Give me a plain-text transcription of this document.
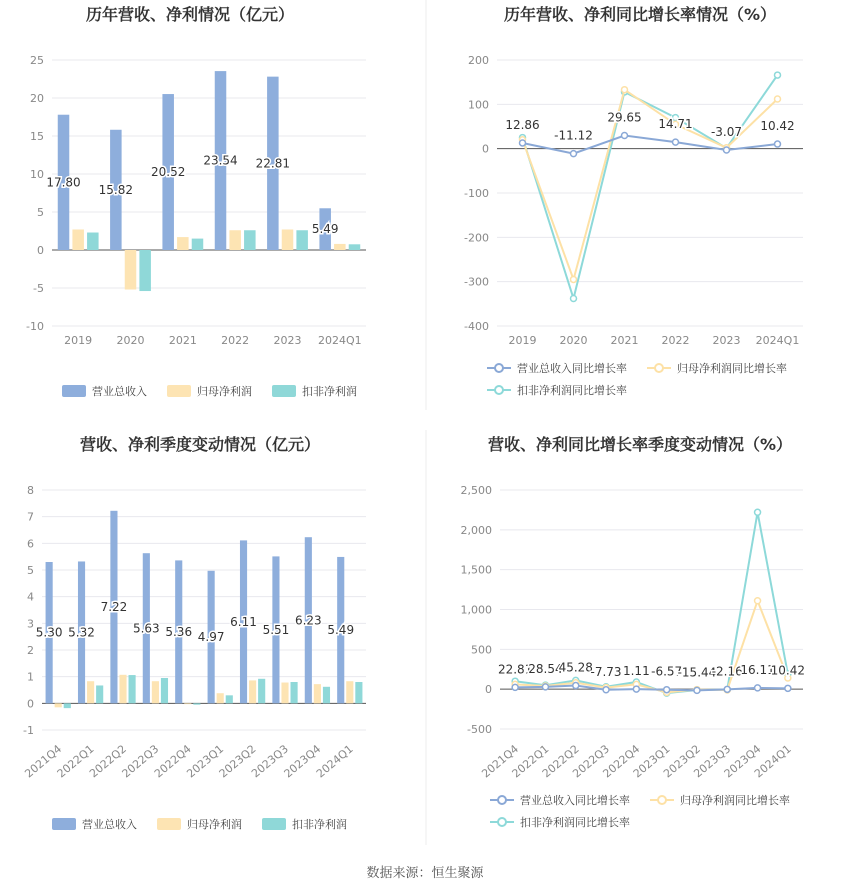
历年营收、净利情况（亿元）
25
20
15
10
5
0
-5
-10
2019 2020 2021 2022 2023 2024Q1
17.80
15.82
20.52
23.54 22.81
5.49
营业总收入	归母净利润	扣非净利润
历年营收、净利同比增长率情况（%）
200
100
0
-100
-200
-300
-400
2019 2020 2021 2022 2023 2024Q1
12.86
-11.12
29.65 14.71
-3.07 10.42
营业总收入同比增长率	归母净利润同比增长率
扣非净利润同比增长率
营收、净利季度变动情况（亿元）
8
7
6
5
4
3
2
1
0
-1
2021Q4
2022Q1
2022Q2
2022Q3
2022Q4
2023Q1
2023Q2
2023Q3
2023Q4
2024Q1
5.30 5.32
7.22
5.63 5.36 4.97
6.11
5.51
6.23
5.49
营业总收入	归母净利润	扣非净利润
营收、净利同比增长率季度变动情况（%）
2,500
2,000
1,500
1,000
500
0
-500
2021Q4
2022Q1
2022Q2
2022Q3
2022Q4
2023Q1
2023Q2
2023Q3
2023Q4
2024Q1
22.81
28.54
45.28
-7.73 1.11 -6.57
-15.44
-2.16
16.11
10.42
营业总收入同比增长率	归母净利润同比增长率
扣非净利润同比增长率
数据来源：恒生聚源
